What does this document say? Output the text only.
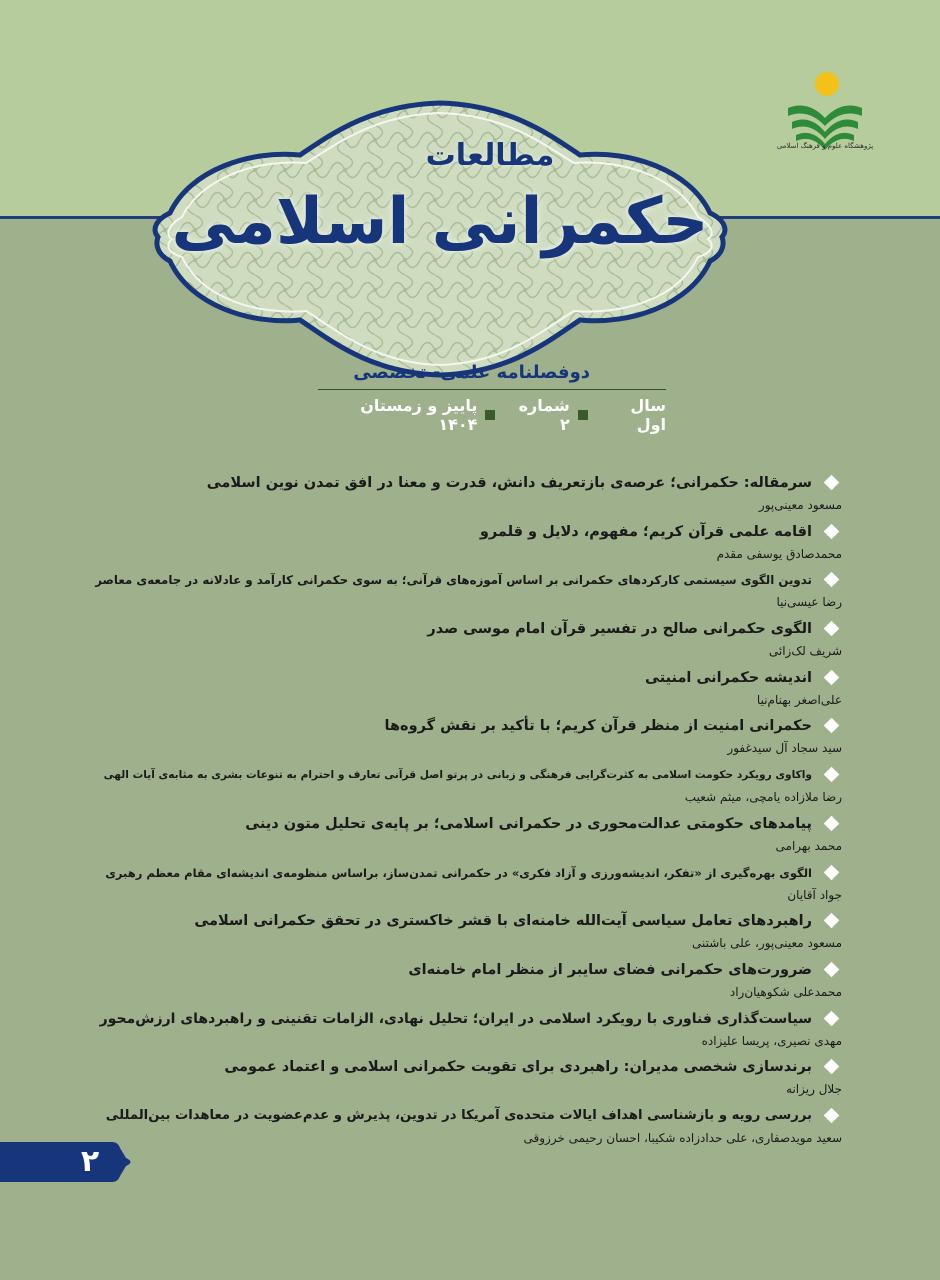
پژوهشگاه علوم و فرهنگ اسلامی
مطالعات
حکمرانی اسلامی
دوفصلنامه علمی- تخصصی
سال اول
شماره ۲
پاییز و زمستان ۱۴۰۴
سرمقاله: حکمرانی؛ عرصه‌ی بازتعریف دانش، قدرت و معنا در افق تمدن نوین اسلامی
مسعود معینی‌پور
اقامه علمی قرآن کریم؛ مفهوم، دلایل و قلمرو
محمدصادق یوسفی مقدم
تدوین الگوی سیستمی کارکردهای حکمرانی بر اساس آموزه‌های قرآنی؛ به سوی حکمرانی کارآمد و عادلانه در جامعه‌ی معاصر
رضا عیسی‌نیا
الگوی حکمرانی صالح در تفسیر قرآن امام موسی صدر
شریف لک‌زائی
اندیشه حکمرانی امنیتی
علی‌اصغر بهنام‌نیا
حکمرانی امنیت از منظر قرآن کریم؛ با تأکید بر نقش گروه‌ها
سید سجاد آل سید‌غفور
واکاوی رویکرد حکومت اسلامی به کثرت‌گرایی فرهنگی و زبانی در پرتو اصل قرآنی تعارف و احترام به تنوعات بشری به مثابه‌ی آیات الهی
رضا ملازاده یامچی، میثم شعیب
پیامدهای حکومتی عدالت‌محوری در حکمرانی اسلامی؛ بر پایه‌ی تحلیل متون دینی
محمد بهرامی
الگوی بهره‌گیری از «تفکر، اندیشه‌ورزی و آزاد فکری» در حکمرانی تمدن‌ساز، براساس منظومه‌ی اندیشه‌ای مقام معظم رهبری
جواد آقایان
راهبردهای تعامل سیاسی آیت‌الله خامنه‌ای با قشر خاکستری در تحقق حکمرانی اسلامی
مسعود معینی‌پور، علی باشتنی
ضرورت‌های حکمرانی فضای سایبر از منظر امام خامنه‌ای
محمدعلی شکوهیان‌راد
سیاست‌گذاری فناوری با رویکرد اسلامی در ایران؛ تحلیل نهادی، الزامات تقنینی و راهبردهای ارزش‌محور
مهدی نصیری، پریسا علیزاده
برندسازی شخصی مدیران: راهبردی برای تقویت حکمرانی اسلامی و اعتماد عمومی
جلال ریزانه
بررسی رویه و بازشناسی اهداف ایالات متحده‌ی آمریکا در تدوین، پذیرش و عدم‌عضویت در معاهدات بین‌المللی
سعید موید‌صفاری، علی حدادزاده شکیبا، احسان رحیمی خرزوقی
۲
